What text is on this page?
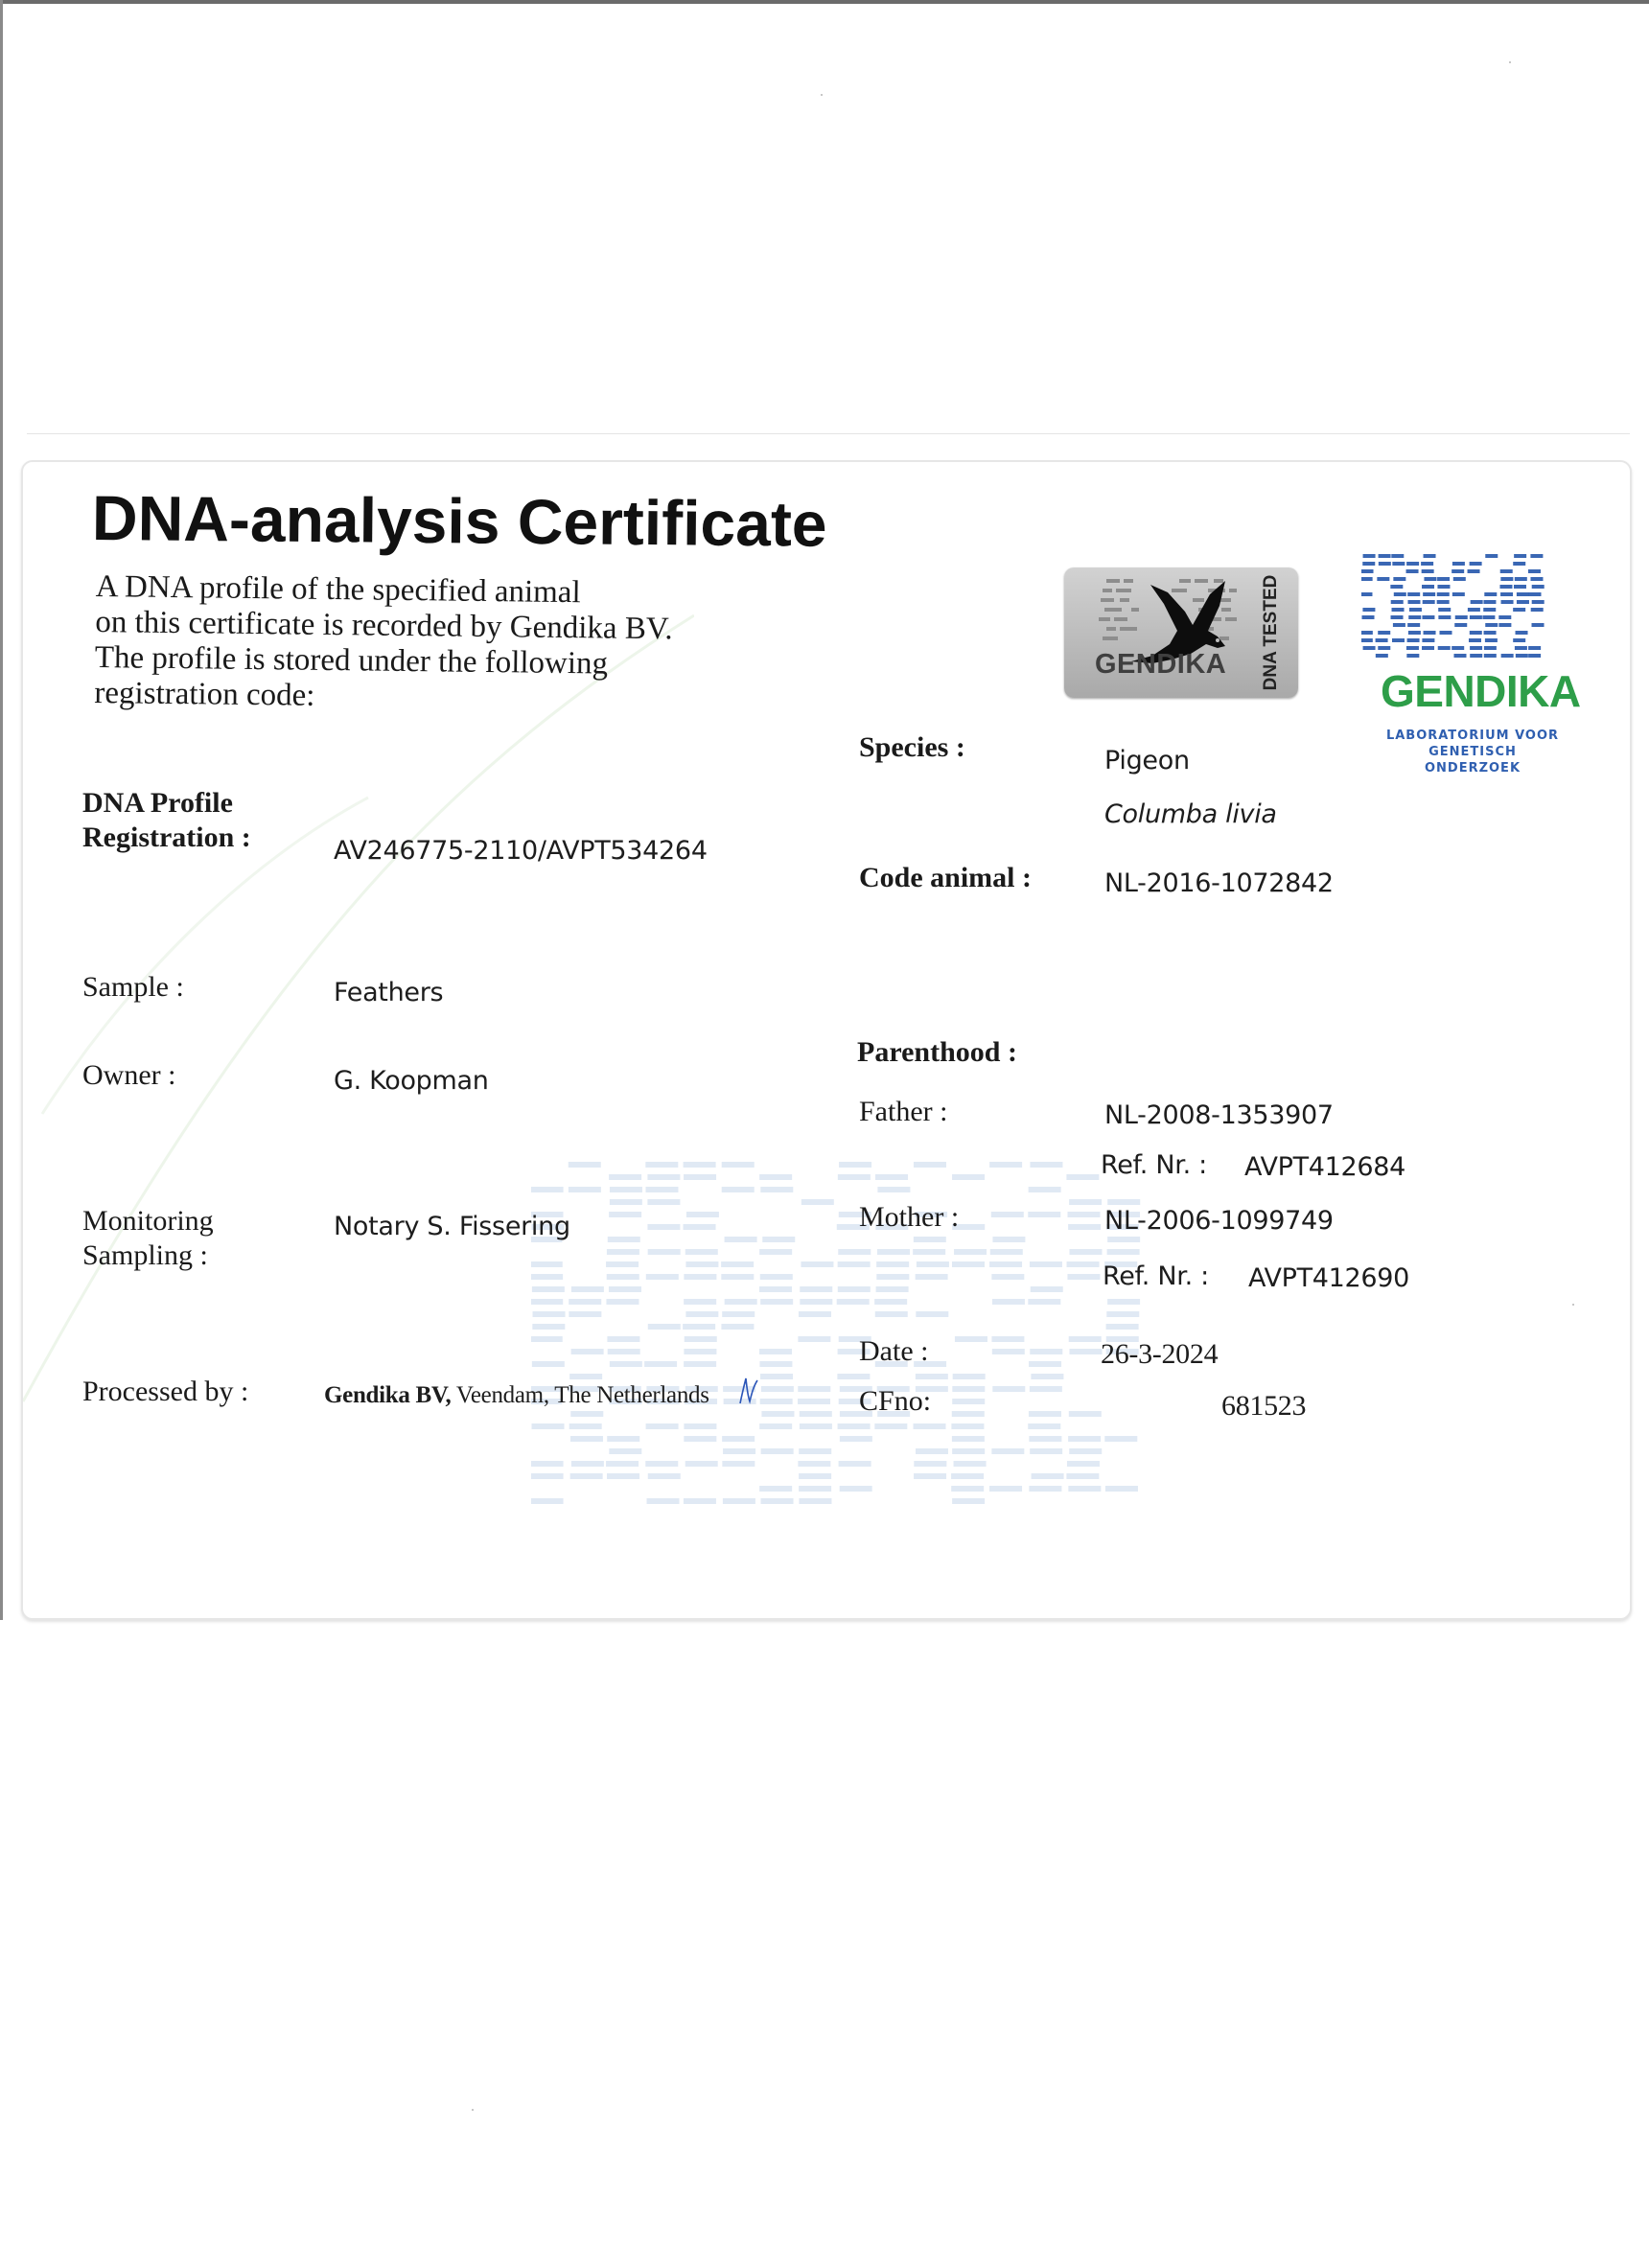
DNA-analysis Certificate
A DNA profile of the specified animal
on this certificate is recorded by Gendika BV.
The profile is stored under the following
registration code:
GENDIKA DNA TESTED
GENDIKA
LABORATORIUM VOOR
GENETISCH ONDERZOEK
DNA Profile
Registration :	AV246775-2110/AVPT534264
Sample :	Feathers
Owner :	G. Koopman
Monitoring
Sampling :
Notary S. Fissering
Processed by :	Gendika BV, Veendam, The Netherlands
Species :	Pigeon
Columba livia
Code animal :	NL-2016-1072842
Parenthood :
Father :	NL-2008-1353907
Ref. Nr. : AVPT412684
Mother :	NL-2006-1099749
Ref. Nr. : AVPT412690
Date :	26-3-2024
CFno:	681523
